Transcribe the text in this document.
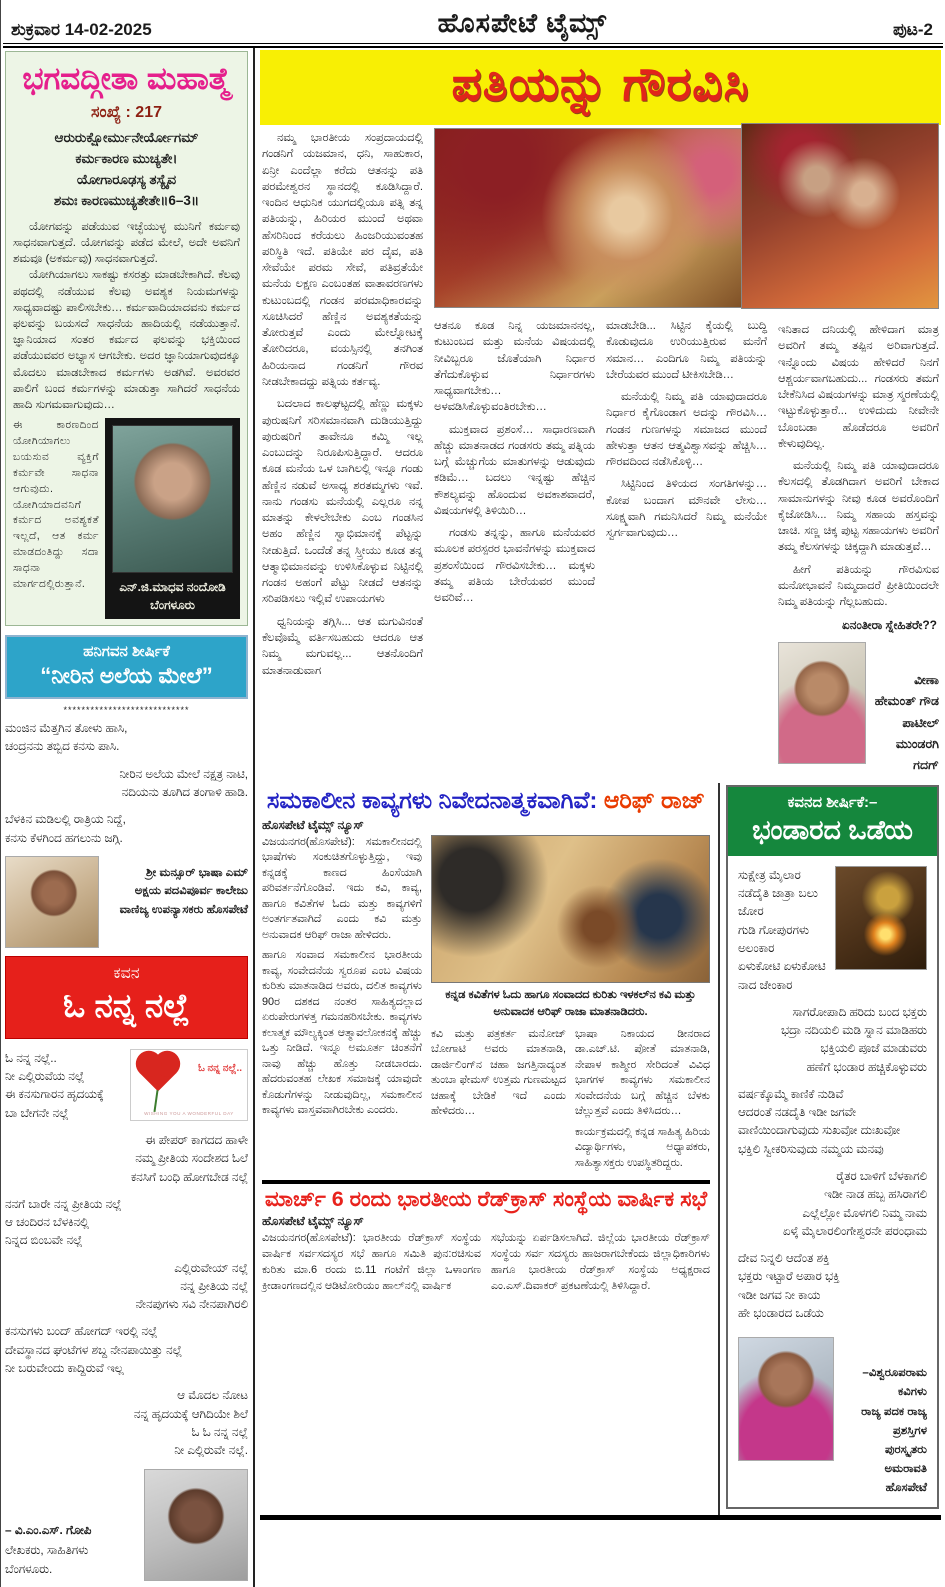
ಶುಕ್ರವಾರ 14-02-2025	ಹೊಸಪೇಟೆ ಟೈಮ್ಸ್	ಪುಟ-2
ಭಗವದ್ಗೀತಾ ಮಹಾತ್ಮೆ
ಸಂಖ್ಯೆ : 217
ಆರುರುಕ್ಷೋರ್ಮುನೇರ್ಯೋಗಮ್
ಕರ್ಮಕಾರಣ ಮುಚ್ಯತೇ।
ಯೋಗಾರೂಢಸ್ಯ ತಸ್ಯೈವ
ಶಮಃ ಕಾರಣಮುಚ್ಯತೇತೇ॥6–3॥

ಯೋಗವನ್ನು ಪಡೆಯುವ ಇಚ್ಛೆಯುಳ್ಳ ಮುನಿಗೆ ಕರ್ಮವು ಸಾಧನವಾಗುತ್ತದೆ. ಯೋಗವನ್ನು ಪಡೆದ ಮೇಲೆ, ಅದೇ ಅವನಿಗೆ ಶಮವೂ (ಅಕರ್ಮವು) ಸಾಧನವಾಗುತ್ತದೆ.

ಯೋಗಿಯಾಗಲು ಸಾಕಷ್ಟು ಕಸರತ್ತು ಮಾಡಬೇಕಾಗಿದೆ. ಕೆಲವು ಪಥದಲ್ಲಿ ನಡೆಯುವ ಕೆಲವು ಅವಶ್ಯಕ ನಿಯಮಗಳನ್ನು ಸಾಧ್ಯವಾದಷ್ಟು ಪಾಲಿಸಬೇಕು… ಕರ್ಮವಾದಿಯಾದವನು ಕರ್ಮದ ಫಲವನ್ನು ಬಯಸದೆ ಸಾಧನೆಯ ಹಾದಿಯಲ್ಲಿ ನಡೆಯುತ್ತಾನೆ. ಜ್ಞಾನಿಯಾದ ಸಂತರ ಕರ್ಮದ ಫಲವನ್ನು ಭಕ್ತಿಯಿಂದ ಪಡೆಯುವವರ ಅಭ್ಯಾಸ ಆಗಬೇಕು. ಅದರ ಜ್ಞಾನಿಯಾಗುವುದಕ್ಕೂ ಮೊದಲು ಮಾಡಬೇಕಾದ ಕರ್ಮಗಳು ಅಡಗಿವೆ. ಅವರವರ ಪಾಲಿಗೆ ಬಂದ ಕರ್ಮಗಳನ್ನು ಮಾಡುತ್ತಾ ಸಾಗಿದರೆ ಸಾಧನೆಯ ಹಾದಿ ಸುಗಮವಾಗುವುದು…

ಈ ಕಾರಣದಿಂದ ಯೋಗಿಯಾಗಲು ಬಯಸುವ ವ್ಯಕ್ತಿಗೆ ಕರ್ಮವೇ ಸಾಧನಾ ಆಗುವುದು. ಯೋಗಿಯಾದವನಿಗೆ ಕರ್ಮದ ಅವಶ್ಯಕತೆ ಇಲ್ಲದೆ, ಆತ ಕರ್ಮ ಮಾಡದಂತಿದ್ದು ಸದಾ ಸಾಧನಾ ಮಾರ್ಗದಲ್ಲಿರುತ್ತಾನೆ.	ಎನ್.ಜಿ.ಮಾಧವ ನಂದೋಡಿ
ಬೆಂಗಳೂರು
ಹನಿಗವನ ಶೀರ್ಷಿಕೆ
“ನೀರಿನ ಅಲೆಯ ಮೇಲೆ”
****************************

ಮಂಜಿನ ಮೆತ್ತಗಿನ ತೋಳು ಹಾಸಿ,

ಚಂದ್ರನನು ತಬ್ಬಿದ ಕನಸು ಪಾಸಿ.

ನೀರಿನ ಅಲೆಯ ಮೇಲೆ ನಕ್ಷತ್ರ ನಾಟಿ,

ನದಿಯನು ತೂಗಿದ ತಂಗಾಳಿ ಹಾಡಿ.

ಬೆಳಕಿನ ಮಡಿಲಲ್ಲಿ ರಾತ್ರಿಯ ನಿದ್ದೆ,

ಕನಸು ಕೆಳಗಿಂದ ಹಗಲುನು ಜಗ್ಗಿ.

ಶ್ರೀ ಮನ್ಸೂರ್ ಭಾಷಾ ಎಮ್
ಅಕ್ಷಯ ಪದವಿಪೂರ್ವ ಕಾಲೇಜು
ವಾಣಿಜ್ಯ ಉಪನ್ಯಾಸಕರು ಹೊಸಪೇಟೆ
ಕವನ
ಓ ನನ್ನ ನಲ್ಲೆ
ಓ ನನ್ನ ನಲ್ಲೆ..
WISHING YOU A WONDERFUL DAY

ಓ ನನ್ನ ನಲ್ಲೆ..

ನೀ ಎಲ್ಲಿರುವೆಯ ನಲ್ಲೆ

ಈ ಕನಸುಗಾರನ ಹೃದಯಕ್ಕೆ

ಬಾ ಬೇಗನೇ ನಲ್ಲೆ

ಈ ಪೇಪರ್ ಕಾಗದದ ಹಾಳೇ

ನಮ್ಮ ಪ್ರೀತಿಯ ಸಂದೇಶದ ಓಲೆ

ಕನಸಿಗೆ ಬಂಧಿ ಹೋಗಬೇಡ ನಲ್ಲೆ

ನನಗೆ ಬಾರೇ ನನ್ನ ಪ್ರೀತಿಯ ನಲ್ಲೆ

ಆ ಚಂದಿರನ ಬೆಳಕಿನಲ್ಲಿ

ನಿನ್ನದ ಬಿಂಬವೇ ನಲ್ಲೆ

ಎಲ್ಲಿರುವೇಯ್ ನಲ್ಲೆ

ನನ್ನ ಪ್ರೀತಿಯ ನಲ್ಲೆ

ನೇನಪುಗಳು ಸವಿ ನೇನಪಾಗಿರಲಿ

ಕನಸುಗಳು ಬಂದ್ ಹೋಗದ್ ಇರಲ್ಲಿ ನಲ್ಲೆ

ದೇವಸ್ಥಾನದ ಘಂಟೆಗಳ ಶಬ್ದ ನೇನಪಾಯಿತ್ತು ನಲ್ಲೆ

ನೀ ಬರುವೇಂದು ಕಾದ್ದಿರುವೆ ಇಲ್ಲ

ಆ ಮೊದಲ ನೋಟ

ನನ್ನ ಹೃದಯಕ್ಕೆ ಆಗಿದಿಯೇ ಶಿಲೆ

ಓ ಓ ನನ್ನ ನಲ್ಲೆ

ನೀ ಎಲ್ಲಿರುವೇ ನಲ್ಲೆ.

– ವಿ.ಎಂ.ಎಸ್. ಗೋಪಿ
ಲೇಖಕರು, ಸಾಹಿತಿಗಳು
ಬೆಂಗಳೂರು.
ಪತಿಯನ್ನು ಗೌರವಿಸಿ

ನಮ್ಮ ಭಾರತೀಯ ಸಂಪ್ರದಾಯದಲ್ಲಿ ಗಂಡನಿಗೆ ಯಜಮಾನ, ಧನಿ, ಸಾಹುಕಾರ, ಏನ್ರೀ ಎಂದೆಲ್ಲಾ ಕರೆದು ಆತನನ್ನು ಪತಿ ಪರಮೇಶ್ವರನ ಸ್ಥಾನದಲ್ಲಿ ಕೂಡಿಸಿದ್ದಾರೆ. ಇಂದಿನ ಆಧುನಿಕ ಯುಗದಲ್ಲಿಯೂ ಪತ್ನಿ ತನ್ನ ಪತಿಯನ್ನು, ಹಿರಿಯರ ಮುಂದೆ ಅಥವಾ ಹೆಸರಿನಿಂದ ಕರೆಯಲು ಹಿಂಜರಿಯುವಂತಹ ಪರಿಸ್ಥಿತಿ ಇದೆ. ಪತಿಯೇ ಪರ ದೈವ, ಪತಿ ಸೇವೆಯೇ ಪರಮ ಸೇವೆ, ಪತಿವ್ರತೆಯೇ ಮನೆಯ ಲಕ್ಷಣ ಎಂಬಂತಹ ವಾತಾವರಣಗಳು ಕುಟುಂಬದಲ್ಲಿ ಗಂಡನ ಪರಮಾಧಿಕಾರವನ್ನು ಸೂಚಿಸಿದರೆ ಹೆಣ್ಣಿನ ಅವಶ್ಯಕತೆಯನ್ನು ತೋರುತ್ತವೆ ಎಂದು ಮೇಲ್ನೋಟಕ್ಕೆ ತೋರಿದರೂ, ವಯಸ್ಸಿನಲ್ಲಿ ತನಗಿಂತ ಹಿರಿಯನಾದ ಗಂಡನಿಗೆ ಗೌರವ ನೀಡಬೇಕಾದದ್ದು ಪತ್ನಿಯ ಕರ್ತವ್ಯ.

ಬದಲಾದ ಕಾಲಘಟ್ಟದಲ್ಲಿ ಹೆಣ್ಣು ಮಕ್ಕಳು ಪುರುಷನಿಗೆ ಸರಿಸಮಾನವಾಗಿ ದುಡಿಯುತ್ತಿದ್ದು ಪುರುಷರಿಗೆ ತಾವೇನೂ ಕಮ್ಮಿ ಇಲ್ಲ ಎಂಬುದನ್ನು ನಿರೂಪಿಸುತ್ತಿದ್ದಾರೆ. ಆದರೂ ಕೂಡ ಮನೆಯ ಒಳ ಬಾಗಿಲಲ್ಲಿ ಇನ್ನೂ ಗಂಡು ಹೆಣ್ಣಿನ ನಡುವೆ ಅಸಾಧ್ಯ ಶರತಮ್ಮಗಳು ಇವೆ. ನಾನು ಗಂಡಸು ಮನೆಯಲ್ಲಿ ಎಲ್ಲರೂ ನನ್ನ ಮಾತನ್ನು ಕೇಳಲೇಬೇಕು ಎಂಬ ಗಂಡಸಿನ ಅಹಂ ಹೆಣ್ಣಿನ ಸ್ವಾಭಿಮಾನಕ್ಕೆ ಪೆಟ್ಟನ್ನು ನೀಡುತ್ತಿದೆ. ಒಂದೆಡೆ ತನ್ನ ಸ್ತ್ರೀಯು ಕೂಡ ತನ್ನ ಆತ್ಮಾಭಿಮಾನವನ್ನು ಉಳಿಸಿಕೊಳ್ಳುವ ನಿಟ್ಟಿನಲ್ಲಿ ಗಂಡನ ಅಹಂಗೆ ಪೆಟ್ಟು ನೀಡದೆ ಆತನನ್ನು ಸರಿಪಡಿಸಲು ಇಲ್ಲಿವೆ ಉಪಾಯಗಳು

ಧ್ವನಿಯನ್ನು ತಗ್ಗಿಸಿ... ಆತ ಮಗುವಿನಂತೆ ಕೆಲವೊಮ್ಮೆ ವರ್ತಿಸಬಹುದು ಆದರೂ ಆತ ನಿಮ್ಮ ಮಗುವಲ್ಲ... ಆತನೊಂದಿಗೆ ಮಾತನಾಡುವಾಗ

ಆತನೂ ಕೂಡ ನಿನ್ನ ಯಜಮಾನನಲ್ಲ, ಕುಟುಂಬದ ಮತ್ತು ಮನೆಯ ವಿಷಯದಲ್ಲಿ ನೀವಿಬ್ಬರೂ ಜೊತೆಯಾಗಿ ನಿರ್ಧಾರ ತೆಗೆದುಕೊಳ್ಳುವ ನಿರ್ಧಾರಗಳು ಸಾಧ್ಯವಾಗಬೇಕು… ಅಳವಡಿಸಿಕೊಳ್ಳುವಂತಿರಬೇಕು…

ಮುಕ್ತವಾದ ಪ್ರಶಂಸೆ… ಸಾಧಾರಣವಾಗಿ ಹೆಚ್ಚು ಮಾತನಾಡದ ಗಂಡಸರು ತಮ್ಮ ಪತ್ನಿಯ ಬಗ್ಗೆ ಮೆಚ್ಚುಗೆಯ ಮಾತುಗಳನ್ನು ಆಡುವುದು ಕಡಿಮೆ… ಬದಲು ಇನ್ನಷ್ಟು ಹೆಚ್ಚಿನ ಕೌಶಲ್ಯವನ್ನು ಹೊಂದುವ ಅವಕಾಶವಾದರೆ, ವಿಷಯಗಳಲ್ಲಿ ತಿಳಿಯಿರಿ…

ಗಂಡಸು ತನ್ನನ್ನು, ಹಾಗೂ ಮನೆಯವರ ಮೂಲಕ ಪರಸ್ಪರರ ಭಾವನೆಗಳನ್ನು ಮುಕ್ತವಾದ ಪ್ರಶಂಸೆಯಿಂದ ಗೌರವಿಸಬೇಕು… ಮಕ್ಕಳು ತಮ್ಮ ಪತಿಯ ಬೇರೆಯವರ ಮುಂದೆ ಅವರಿವೆ…

ಮಾಡಬೇಡಿ... ಸಿಟ್ಟಿನ ಕೈಯಲ್ಲಿ ಬುದ್ಧಿ ಕೊಡುವುದೂ ಉರಿಯುತ್ತಿರುವ ಮನೆಗೆ ಸಮಾನ… ಎಂದಿಗೂ ನಿಮ್ಮ ಪತಿಯನ್ನು ಬೇರೆಯವರ ಮುಂದೆ ಟೀಕಿಸಬೇಡಿ…

ಮನೆಯಲ್ಲಿ ನಿಮ್ಮ ಪತಿ ಯಾವುದಾದರೂ ನಿರ್ಧಾರ ಕೈಗೊಂಡಾಗ ಅದನ್ನು ಗೌರವಿಸಿ… ಗಂಡನ ಗುಣಗಳನ್ನು ಸಮಾಜದ ಮುಂದೆ ಹೇಳುತ್ತಾ ಆತನ ಆತ್ಮವಿಶ್ವಾಸವನ್ನು ಹೆಚ್ಚಿಸಿ… ಗೌರವದಿಂದ ನಡೆಸಿಕೊಳ್ಳಿ…

ಸಿಟ್ಟಿನಿಂದ ತಿಳಿಯದ ಸಂಗತಿಗಳನ್ನು… ಕೋಪ ಬಂದಾಗ ಮೌನವೇ ಲೇಸು… ಸೂಕ್ಷ್ಮವಾಗಿ ಗಮನಿಸಿದರೆ ನಿಮ್ಮ ಮನೆಯೇ ಸ್ವರ್ಗವಾಗುವುದು…

ಇನಿತಾದ ದನಿಯಲ್ಲಿ ಹೇಳಿದಾಗ ಮಾತ್ರ ಅವರಿಗೆ ತಮ್ಮ ತಪ್ಪಿನ ಅರಿವಾಗುತ್ತದೆ. ಇನ್ನೊಂದು ವಿಷಯ ಹೇಳಿದರೆ ನಿನಗೆ ಆಶ್ಚರ್ಯವಾಗಬಹುದು... ಗಂಡಸರು ತಮಗೆ ಬೇಕೆನಿಸಿದ ವಿಷಯಗಳನ್ನು ಮಾತ್ರ ಸ್ಮರಣೆಯಲ್ಲಿ ಇಟ್ಟುಕೊಳ್ಳುತ್ತಾರೆ... ಉಳಿದುದು ನೀವೇನೇ ಬೊಂಬಡಾ ಹೊಡೆದರೂ ಅವರಿಗೆ ಕೇಳುವುದಿಲ್ಲ.

ಮನೆಯಲ್ಲಿ ನಿಮ್ಮ ಪತಿ ಯಾವುದಾದರೂ ಕೆಲಸದಲ್ಲಿ ತೊಡಗಿದಾಗ ಅವರಿಗೆ ಬೇಕಾದ ಸಾಮಾನುಗಳನ್ನು ನೀವು ಕೂಡ ಅವರೊಂದಿಗೆ ಕೈಜೋಡಿಸಿ... ನಿಮ್ಮ ಸಹಾಯ ಹಸ್ತವನ್ನು ಚಾಚಿ. ಸಣ್ಣ ಚಿಕ್ಕ ಪುಟ್ಟ ಸಹಾಯಗಳು ಅವರಿಗೆ ತಮ್ಮ ಕೆಲಸಗಳನ್ನು ಚಿಕ್ಕದ್ದಾಗಿ ಮಾಡುತ್ತವೆ…

ಹೀಗೆ ಪತಿಯನ್ನು ಗೌರವಿಸುವ ಮನೋಭಾವನೆ ನಿಮ್ಮದಾದರೆ ಪ್ರೀತಿಯಿಂದಲೇ ನಿಮ್ಮ ಪತಿಯನ್ನು ಗೆಲ್ಲಬಹುದು.

ಏನಂತೀರಾ ಸ್ನೇಹಿತರೇ??
ವೀಣಾ
ಹೇಮಂತ್ ಗೌಡ
ಪಾಟೀಲ್
ಮುಂಡರಗಿ ಗದಗ್
ಸಮಕಾಲೀನ ಕಾವ್ಯಗಳು ನಿವೇದನಾತ್ಮಕವಾಗಿವೆ: ಆರಿಫ್ ರಾಜ್
ಹೊಸಪೇಟೆ ಟೈಮ್ಸ್ ನ್ಯೂಸ್

ವಿಜಯನಗರ(ಹೊಸಪೇಟೆ): ಸಮಕಾಲೀನದಲ್ಲಿ ಭಾಷೆಗಳು ಸಂಕುಚಿತಗೊಳ್ಳುತ್ತಿದ್ದು, ಇವು ಕನ್ನಡಕ್ಕೆ ಕಾಣದ ಹಿಂಸೆಯಾಗಿ ಪರಿವರ್ತನೆಗೊಂಡಿವೆ. ಇದು ಕವಿ, ಕಾವ್ಯ, ಹಾಗೂ ಕವಿತೆಗಳ ಓದು ಮತ್ತು ಕಾವ್ಯಗಳಿಗೆ ಅಂತರ್ಗತವಾಗಿದೆ ಎಂದು ಕವಿ ಮತ್ತು ಅನುವಾದಕ ಆರಿಫ್ ರಾಜಾ ಹೇಳಿದರು.

ಹಾಗೂ ಸಂವಾದ ಸಮಕಾಲೀನ ಭಾರತೀಯ ಕಾವ್ಯ, ಸಂವೇದನೆಯ ಸ್ವರೂಪ ಎಂಬ ವಿಷಯ ಕುರಿತು ಮಾತನಾಡಿದ ಅವರು, ದಲಿತ ಕಾವ್ಯಗಳು 90ರ ದಶಕದ ನಂತರ ಸಾಹಿತ್ಯದಲ್ಲಾದ ಏರುಪೇರುಗಳತ್ತ ಗಮನಹರಿಸಬೇಕು. ಕಾವ್ಯಗಳು ಕಲಾತ್ಮಕ ಮೌಲ್ಯಕ್ಕಿಂತ ಆತ್ಮಾವಲೋಕನಕ್ಕೆ ಹೆಚ್ಚು ಒತ್ತು ನೀಡಿದೆ. ಇನ್ನೂ ಅಮೂರ್ತ ಚಿಂತನೆಗೆ ನಾವು ಹೆಚ್ಚು ಹೊತ್ತು ನೀಡಬಾರದು. ಹೆದರುವಂತಹ ಲೇಖಕ ಸಮಾಜಕ್ಕೆ ಯಾವುದೇ ಕೊಡುಗೆಗಳನ್ನು ನೀಡುವುದಿಲ್ಲ, ಸಮಕಾಲೀನ ಕಾವ್ಯಗಳು ವಾಸ್ತವವಾಗಿರಬೇಕು ಎಂದರು.

ಕನ್ನಡ ಕವಿತೆಗಳ ಓದು ಹಾಗೂ ಸಂವಾದದ ಕುರಿತು ಇಳಕಲ್‌ನ ಕವಿ ಮತ್ತು ಅನುವಾದಕ ಆರಿಫ್ ರಾಜಾ ಮಾತನಾಡಿದರು.

ಕವಿ ಮತ್ತು ಪತ್ರಕರ್ತ ಮನೋಜ್ ಬೋಗಾಟಿ ಅವರು ಮಾತನಾಡಿ, ಡಾರ್ಜಿಲಿಂಗ್‌ನ ಚಹಾ ಜಗತ್ತಿನಾದ್ಯಂತ ತುಂಬಾ ಫೇಮಸ್ ಉತ್ತಮ ಗುಣಮಟ್ಟದ ಚಹಾಕ್ಕೆ ಬೇಡಿಕೆ ಇದೆ ಎಂದು ಹೇಳಿದರು…

ಭಾಷಾ ನಿಕಾಯದ ಡೀನರಾದ ಡಾ.ಎಚ್.ಟಿ. ಪೋತೆ ಮಾತನಾಡಿ, ನೇಪಾಳ ಕಾಶ್ಮೀರ ಸೇರಿದಂತೆ ವಿವಿಧ ಭಾಗಗಳ ಕಾವ್ಯಗಳು ಸಮಕಾಲೀನ ಸಂವೇದನೆಯ ಬಗ್ಗೆ ಹೆಚ್ಚಿನ ಬೆಳಕು ಚೆಲ್ಲುತ್ತವೆ ಎಂದು ತಿಳಿಸಿದರು…

ಕಾರ್ಯಕ್ರಮದಲ್ಲಿ ಕನ್ನಡ ಸಾಹಿತ್ಯ ಹಿರಿಯ ವಿದ್ಯಾರ್ಥಿಗಳು, ಅಧ್ಯಾಪಕರು, ಸಾಹಿತ್ಯಾಸಕ್ತರು ಉಪಸ್ಥಿತರಿದ್ದರು.

ಮಾರ್ಚ್ 6 ರಂದು ಭಾರತೀಯ ರೆಡ್‌ಕ್ರಾಸ್ ಸಂಸ್ಥೆಯ ವಾರ್ಷಿಕ ಸಭೆ
ಹೊಸಪೇಟೆ ಟೈಮ್ಸ್ ನ್ಯೂಸ್
ವಿಜಯನಗರ(ಹೊಸಪೇಟೆ): ಭಾರತೀಯ ರೆಡ್‌ಕ್ರಾಸ್ ಸಂಸ್ಥೆಯ ವಾರ್ಷಿಕ ಸರ್ವಸದಸ್ಯರ ಸಭೆ ಹಾಗೂ ಸಮಿತಿ ಪುನ:ರಚಿಸುವ ಕುರಿತು ಮಾ.6 ರಂದು ಬಿ.11 ಗಂಟೆಗೆ ಜಿಲ್ಲಾ ಒಳಾಂಗಣ ಕ್ರೀಡಾಂಗಣದಲ್ಲಿನ ಆಡಿಟೋರಿಯಂ ಹಾಲ್‌ನಲ್ಲಿ ವಾರ್ಷಿಕ
ಸಭೆಯನ್ನು ಏರ್ಪಡಿಸಲಾಗಿದೆ. ಜಿಲ್ಲೆಯ ಭಾರತೀಯ ರೆಡ್‌ಕ್ರಾಸ್ ಸಂಸ್ಥೆಯ ಸರ್ವ ಸದಸ್ಯರು ಹಾಜರಾಗಬೇಕೆಂದು ಜಿಲ್ಲಾಧಿಕಾರಿಗಳು ಹಾಗೂ ಭಾರತೀಯ ರೆಡ್‌ಕ್ರಾಸ್ ಸಂಸ್ಥೆಯ ಅಧ್ಯಕ್ಷರಾದ ಎಂ.ಎಸ್.ದಿವಾಕರ್ ಪ್ರಕಟಣೆಯಲ್ಲಿ ತಿಳಿಸಿದ್ದಾರೆ.
ಕವನದ ಶೀರ್ಷಿಕೆ:–
ಭಂಡಾರದ ಒಡೆಯ

ಸುಕ್ಷೇತ್ರ ಮೈಲಾರ

ನಡೆದೈತಿ ಜಾತ್ರಾ ಬಲು ಜೋರ

ಗುಡಿ ಗೋಪುರಗಳು ಅಲಂಕಾರ

ಏಳುಕೋಟಿ ಏಳುಕೋಟಿ ನಾದ ಜೇಂಕಾರ

ಸಾಗರೋಪಾದಿ ಹರಿದು ಬಂದ ಭಕ್ತರು

ಭದ್ರಾ ನದಿಯಲಿ ಮಡಿ ಸ್ನಾನ ಮಾಡಿಹರು

ಭಕ್ತಿಯಲಿ ಪೂಜೆ ಮಾಡುವರು

ಹಣೆಗೆ ಭಂಡಾರ ಹಚ್ಚಿಕೊಳ್ಳುವರು

ವರ್ಷಕ್ಕೊಮ್ಮೆ ಕಾಣಿಕೆ ನುಡಿವೆ

ಆದರಂತೆ ನಡದೈತಿ ಇಡೀ ಜಗವೇ

ವಾಣಿಯಿಂದಾಗುವುದು ಸುಖವೋ ದುಃಖವೋ

ಭಕ್ತಿಲಿ ಸ್ವೀಕರಿಸುವುದು ನಮ್ಮಯ ಮನವು

ರೈತರ ಬಾಳಿಗೆ ಬೆಳಕಾಗಲಿ

ಇಡೀ ನಾಡ ಹಬ್ಬ ಹಸಿರಾಗಲಿ

ಎಲ್ಲೆಲ್ಲೋ ಮೊಳಗಲಿ ನಿಮ್ಮ ನಾಮ

ಏಳ್ಕೆ ಮೈಲಾರಲಿಂಗೇಶ್ವರನೇ ಪರಂಧಾಮ

ದೇವ ನಿನ್ನಲಿ ಆದೆಂತ ಶಕ್ತಿ

ಭಕ್ತರು ಇಟ್ಟಾರೆ ಅಪಾರ ಭಕ್ತಿ

ಇಡೀ ಜಗವ ನೀ ಕಾಯ

ಹೇ ಭಂಡಾರದ ಒಡೆಯ

–ವಿಶ್ವರೂಪರಾಮ ಕವಿಗಳು
ರಾಜ್ಯ ಪದಕ ರಾಜ್ಯ ಪ್ರಶಸ್ತಿಗಳ
ಪುರಸ್ಕೃತರು
ಅಮರಾವತಿ ಹೊಸಪೇಟೆ
